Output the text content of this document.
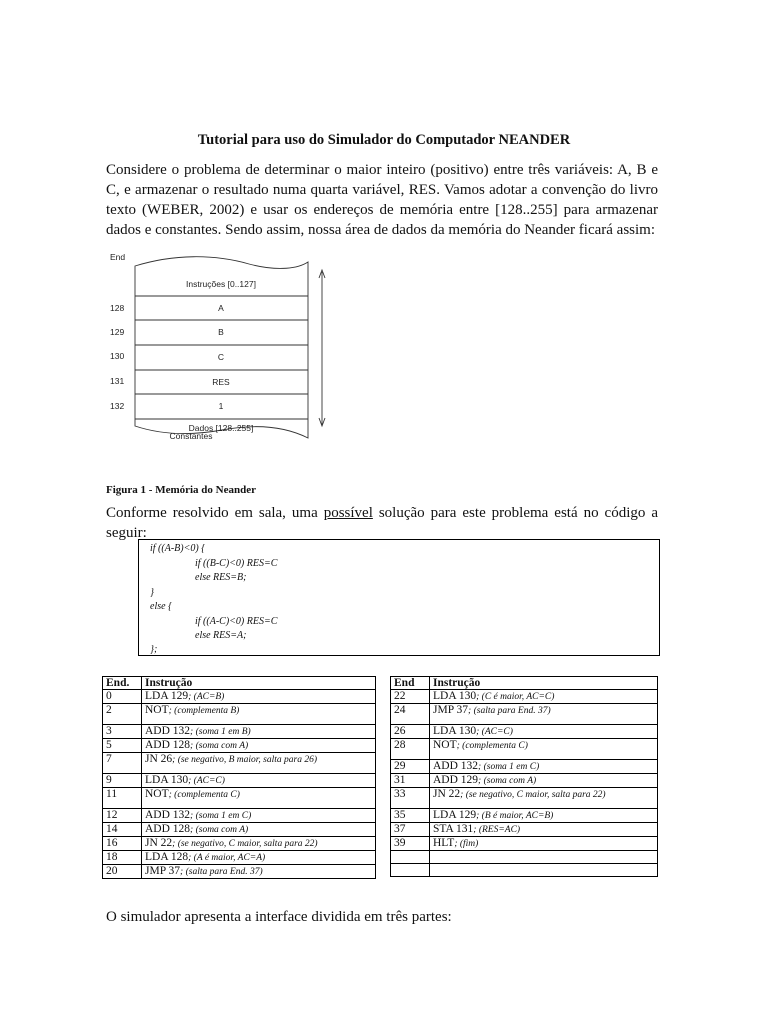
Tutorial para uso do Simulador do Computador NEANDER
Considere o problema de determinar o maior inteiro (positivo) entre três variáveis: A, B e C, e armazenar o resultado numa quarta variável, RES. Vamos adotar a convenção do livro texto (WEBER, 2002) e usar os endereços de memória entre [128..255] para armazenar dados e constantes. Sendo assim, nossa área de dados da memória do Neander ficará assim:
End
Instruções [0..127]
128	A
129	B
130	C
131	RES
132	1
Dados [128..255]
Constantes
Figura 1 - Memória do Neander
Conforme resolvido em sala, uma possível solução para este problema está no código a seguir:
if ((A-B)<0) {
if ((B-C)<0) RES=C
else RES=B;
}
else {
if ((A-C)<0) RES=C
else RES=A;
};
End.	Instrução
0	LDA 129; (AC=B)
2	NOT; (complementa B)
3	ADD 132; (soma 1 em B)
5	ADD 128; (soma com A)
7	JN 26; (se negativo, B maior, salta para 26)
9	LDA 130; (AC=C)
11	NOT; (complementa C)
12	ADD 132; (soma 1 em C)
14	ADD 128; (soma com A)
16	JN 22; (se negativo, C maior, salta para 22)
18	LDA 128; (A é maior, AC=A)
20	JMP 37; (salta para End. 37)
End	Instrução
22	LDA 130; (C é maior, AC=C)
24	JMP 37; (salta para End. 37)
26	LDA 130; (AC=C)
28	NOT; (complementa C)
29	ADD 132; (soma 1 em C)
31	ADD 129; (soma com A)
33	JN 22; (se negativo, C maior, salta para 22)
35	LDA 129; (B é maior, AC=B)
37	STA 131; (RES=AC)
39	HLT; (fim)

O simulador apresenta a interface dividida em três partes:
